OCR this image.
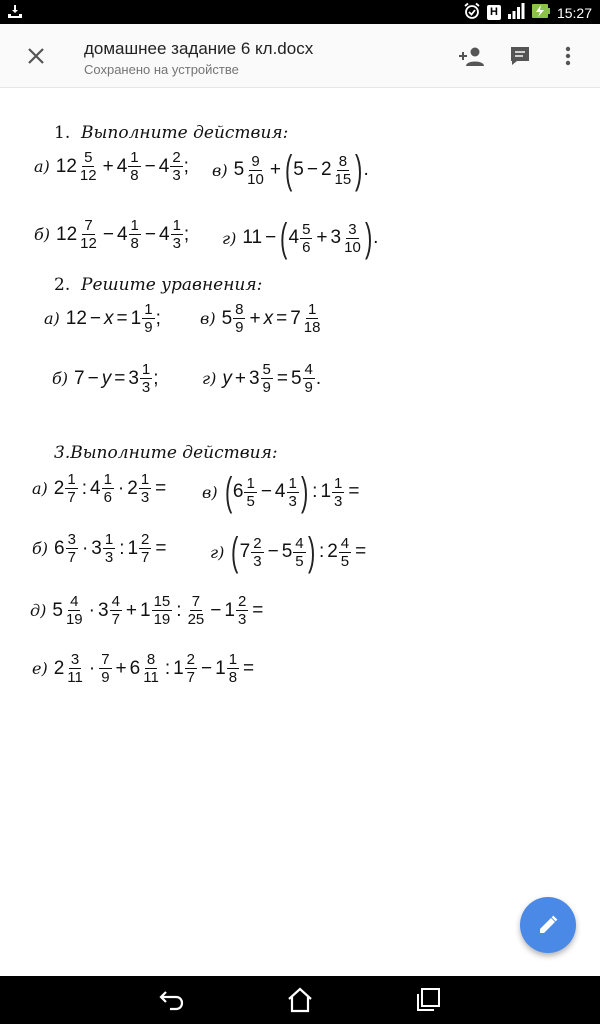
H	15:27
домашнее задание 6 кл.docx
Сохранено на устройстве
1. Выполните действия:
а) $12 \frac{5}{12} + 4 \frac{1}{8} - 4 \frac{2}{3}$ ; в) $5 \frac{9}{10}$ + ( $5 - 2 \frac{8}{15}$ ) .
б) $12 \frac{7}{12} - 4 \frac{1}{8} - 4 \frac{1}{3}$ ; г) 11 − ( $4 \frac{5}{6} + 3 \frac{3}{10}$ ) .
2. Решите уравнения:
а) $12 - x = 1 \frac{1}{9}$ ; в) $5 \frac{8}{9} + x = 7 \frac{1}{18}$
б) $7 - y = 3 \frac{1}{3}$ ;	г) $y + 3 \frac{5}{9} = 5 \frac{4}{9}$ .
3.Выполните действия:
а) $2 \frac{1}{7}$ : $4 \frac{1}{6} \cdot 2 \frac{1}{3} = в$) ( $6 \frac{1}{5} - 4 \frac{1}{3}$ ) : $1 \frac{1}{3}$ =
б) $6 \frac{3}{7} \cdot 3 \frac{1}{3}$ : $1 \frac{2}{7}$ =	г) ( $7 \frac{2}{3} - 5 \frac{4}{5}$ ) : $2 \frac{4}{5}$ =
д) $5 \frac{4}{19} \cdot 3 \frac{4}{7} + 1 \frac{15}{19}$ : $\frac{7}{25} - 1 \frac{2}{3}$ =
е) $2 \frac{3}{11} \cdot \frac{7}{9} + 6 \frac{8}{11}$ : $1 \frac{2}{7} - 1 \frac{1}{8}$ =
